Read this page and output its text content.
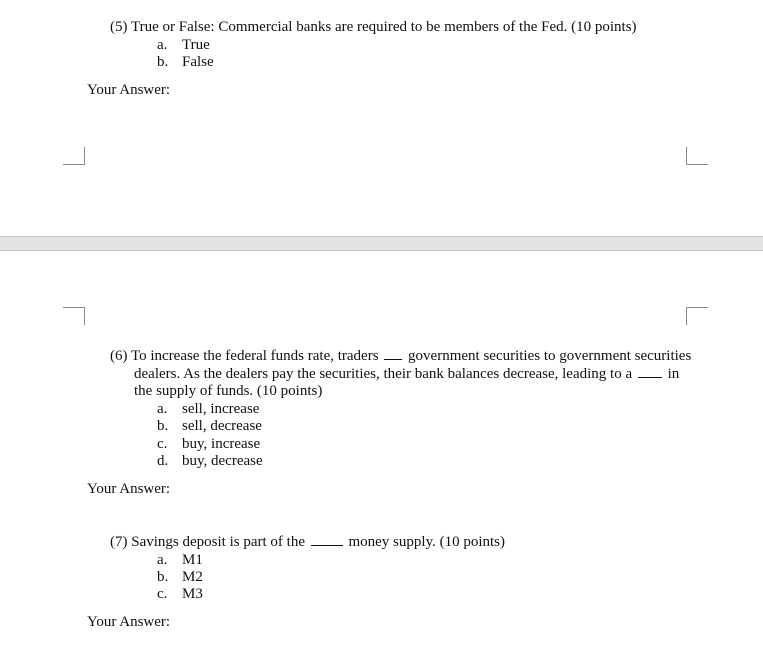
(5) True or False: Commercial banks are required to be members of the Fed. (10 points)
a. True
b. False
Your Answer:
(6) To increase the federal funds rate, traders government securities to government securities dealers. As the dealers pay the securities, their bank balances decrease, leading to a in the supply of funds. (10 points)
a. sell, increase
b. sell, decrease
c. buy, increase
d. buy, decrease
Your Answer:
(7) Savings deposit is part of the	money supply. (10 points)
a. M1
b. M2
c. M3
Your Answer:
